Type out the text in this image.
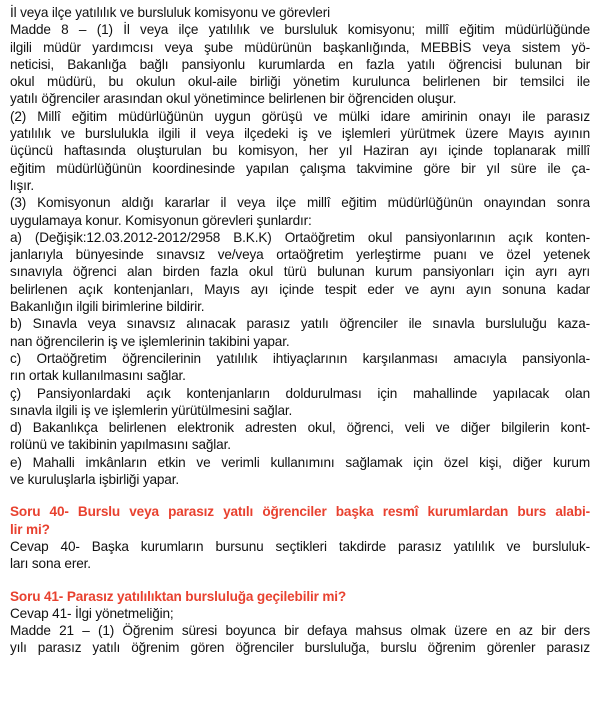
İl veya ilçe yatılılık ve bursluluk komisyonu ve görevleri
Madde 8 – (1) İl veya ilçe yatılılık ve bursluluk komisyonu; millî eğitim müdürlüğünde
ilgili müdür yardımcısı veya şube müdürünün başkanlığında, MEBBİS veya sistem yö-
neticisi, Bakanlığa bağlı pansiyonlu kurumlarda en fazla yatılı öğrencisi bulunan bir
okul müdürü, bu okulun okul-aile birliği yönetim kurulunca belirlenen bir temsilci ile
yatılı öğrenciler arasından okul yönetimince belirlenen bir öğrenciden oluşur.
(2) Millî eğitim müdürlüğünün uygun görüşü ve mülki idare amirinin onayı ile parasız
yatılılık ve burslulukla ilgili il veya ilçedeki iş ve işlemleri yürütmek üzere Mayıs ayının
üçüncü haftasında oluşturulan bu komisyon, her yıl Haziran ayı içinde toplanarak millî
eğitim müdürlüğünün koordinesinde yapılan çalışma takvimine göre bir yıl süre ile ça-
lışır.
(3) Komisyonun aldığı kararlar il veya ilçe millî eğitim müdürlüğünün onayından sonra
uygulamaya konur. Komisyonun görevleri şunlardır:
a) (Değişik:12.03.2012-2012/2958 B.K.K) Ortaöğretim okul pansiyonlarının açık konten-
janlarıyla bünyesinde sınavsız ve/veya ortaöğretim yerleştirme puanı ve özel yetenek
sınavıyla öğrenci alan birden fazla okul türü bulunan kurum pansiyonları için ayrı ayrı
belirlenen açık kontenjanları, Mayıs ayı içinde tespit eder ve aynı ayın sonuna kadar
Bakanlığın ilgili birimlerine bildirir.
b) Sınavla veya sınavsız alınacak parasız yatılı öğrenciler ile sınavla bursluluğu kaza-
nan öğrencilerin iş ve işlemlerinin takibini yapar.
c) Ortaöğretim öğrencilerinin yatılılık ihtiyaçlarının karşılanması amacıyla pansiyonla-
rın ortak kullanılmasını sağlar.
ç) Pansiyonlardaki açık kontenjanların doldurulması için mahallinde yapılacak olan
sınavla ilgili iş ve işlemlerin yürütülmesini sağlar.
d) Bakanlıkça belirlenen elektronik adresten okul, öğrenci, veli ve diğer bilgilerin kont-
rolünü ve takibinin yapılmasını sağlar.
e) Mahalli imkânların etkin ve verimli kullanımını sağlamak için özel kişi, diğer kurum
ve kuruluşlarla işbirliği yapar.
Soru 40- Burslu veya parasız yatılı öğrenciler başka resmî kurumlardan burs alabi-
lir mi?
Cevap 40- Başka kurumların bursunu seçtikleri takdirde parasız yatılılık ve bursluluk-
ları sona erer.
Soru 41- Parasız yatılılıktan bursluluğa geçilebilir mi?
Cevap 41- İlgi yönetmeliğin;
Madde 21 – (1) Öğrenim süresi boyunca bir defaya mahsus olmak üzere en az bir ders
yılı parasız yatılı öğrenim gören öğrenciler bursluluğa, burslu öğrenim görenler parasız
